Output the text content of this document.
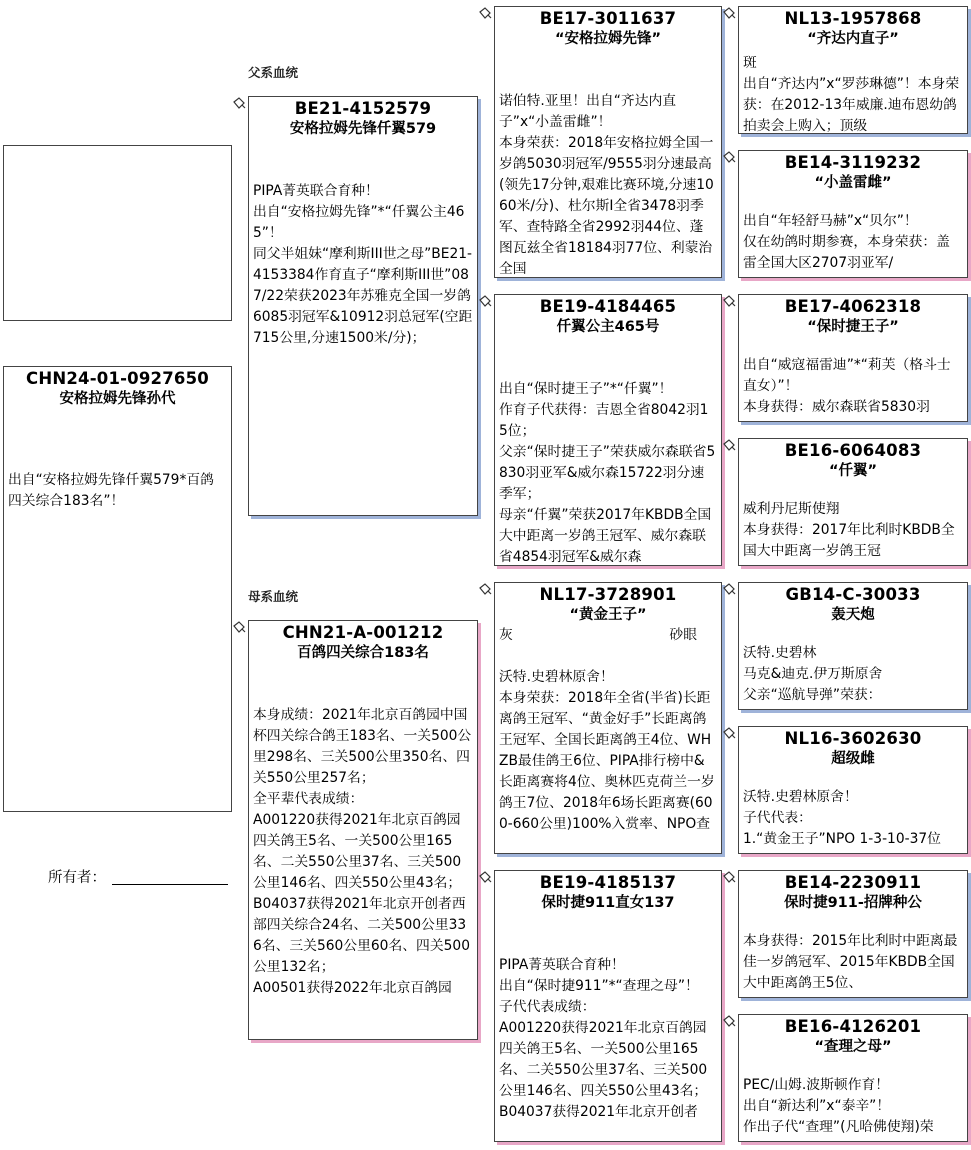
CHN24-01-0927650
安格拉姆先锋孙代
出自“安格拉姆先锋仟翼579*百鸽四关综合183名”！
所有者：
父系血统
母系血统
BE21-4152579
安格拉姆先锋仟翼579
PIPA菁英联合育种！
出自“安格拉姆先锋”*“仟翼公主465”！
同父半姐妹“摩利斯III世之母”BE21-4153384作育直子“摩利斯III世”087/22荣获2023年苏雅克全国一岁鸽6085羽冠军&10912羽总冠军(空距715公里,分速1500米/分)；
CHN21-A-001212
百鸽四关综合183名
本身成绩：2021年北京百鸽园中国杯四关综合鸽王183名、一关500公里298名、三关500公里350名、四关550公里257名；
全平辈代表成绩：
A001220获得2021年北京百鸽园四关鸽王5名、一关500公里165名、二关550公里37名、三关500公里146名、四关550公里43名；
B04037获得2021年北京开创者西部四关综合24名、二关500公里336名、三关560公里60名、四关500公里132名；
A00501获得2022年北京百鸽园
BE17-3011637
“安格拉姆先锋”
诺伯特.亚里！出自“齐达内直子”x“小盖雷雌”！
本身荣获：2018年安格拉姆全国一岁鸽5030羽冠军/9555羽分速最高(领先17分钟,艰难比赛环境,分速1060米/分)、杜尔斯I全省3478羽季军、查特路全省2992羽44位、蓬图瓦兹全省18184羽77位、利蒙治全国
BE19-4184465
仟翼公主465号
出自“保时捷王子”*“仟翼”！
作育子代获得：吉恩全省8042羽15位；
父亲“保时捷王子”荣获威尔森联省5830羽亚军&威尔森15722羽分速季军；
母亲“仟翼”荣获2017年KBDB全国大中距离一岁鸽王冠军、威尔森联省4854羽冠军&威尔森
NL17-3728901
“黄金王子”
灰	砂眼
沃特.史碧林原舍！
本身荣获：2018年全省(半省)长距离鸽王冠军、“黄金好手”长距离鸽王冠军、全国长距离鸽王4位、WHZB最佳鸽王6位、PIPA排行榜中&长距离赛将4位、奥林匹克荷兰一岁鸽王7位、2018年6场长距离赛(600-660公里)100%入赏率、NPO查
BE19-4185137
保时捷911直女137
PIPA菁英联合育种！
出自“保时捷911”*“查理之母”！
子代代表成绩：
A001220获得2021年北京百鸽园四关鸽王5名、一关500公里165名、二关550公里37名、三关500公里146名、四关550公里43名；
B04037获得2021年北京开创者
NL13-1957868
“齐达内直子”
斑
出自“齐达内”x“罗莎琳德”！本身荣获：在2012-13年威廉.迪布恩幼鸽拍卖会上购入；顶级
BE14-3119232
“小盖雷雌”
出自“年轻舒马赫”x“贝尔”！
仅在幼鸽时期参赛，本身荣获：盖雷全国大区2707羽亚军/
BE17-4062318
“保时捷王子”
出自“威寇福雷迪”*“莉芙（格斗士直女）”！
本身获得：威尔森联省5830羽
BE16-6064083
“仟翼”
威利丹尼斯使翔
本身获得：2017年比利时KBDB全国大中距离一岁鸽王冠
GB14-C-30033
轰天炮
沃特.史碧林
马克&迪克.伊万斯原舍
父亲“巡航导弹”荣获：
NL16-3602630
超级雌
沃特.史碧林原舍！
子代代表：
1.“黄金王子”NPO 1-3-10-37位
BE14-2230911
保时捷911-招牌种公
本身获得：2015年比利时中距离最佳一岁鸽冠军、2015年KBDB全国大中距离鸽王5位、
BE16-4126201
“查理之母”
PEC/山姆.波斯顿作育！
出自“新达利”x“泰辛”！
作出子代“查理”(凡哈佛使翔)荣
